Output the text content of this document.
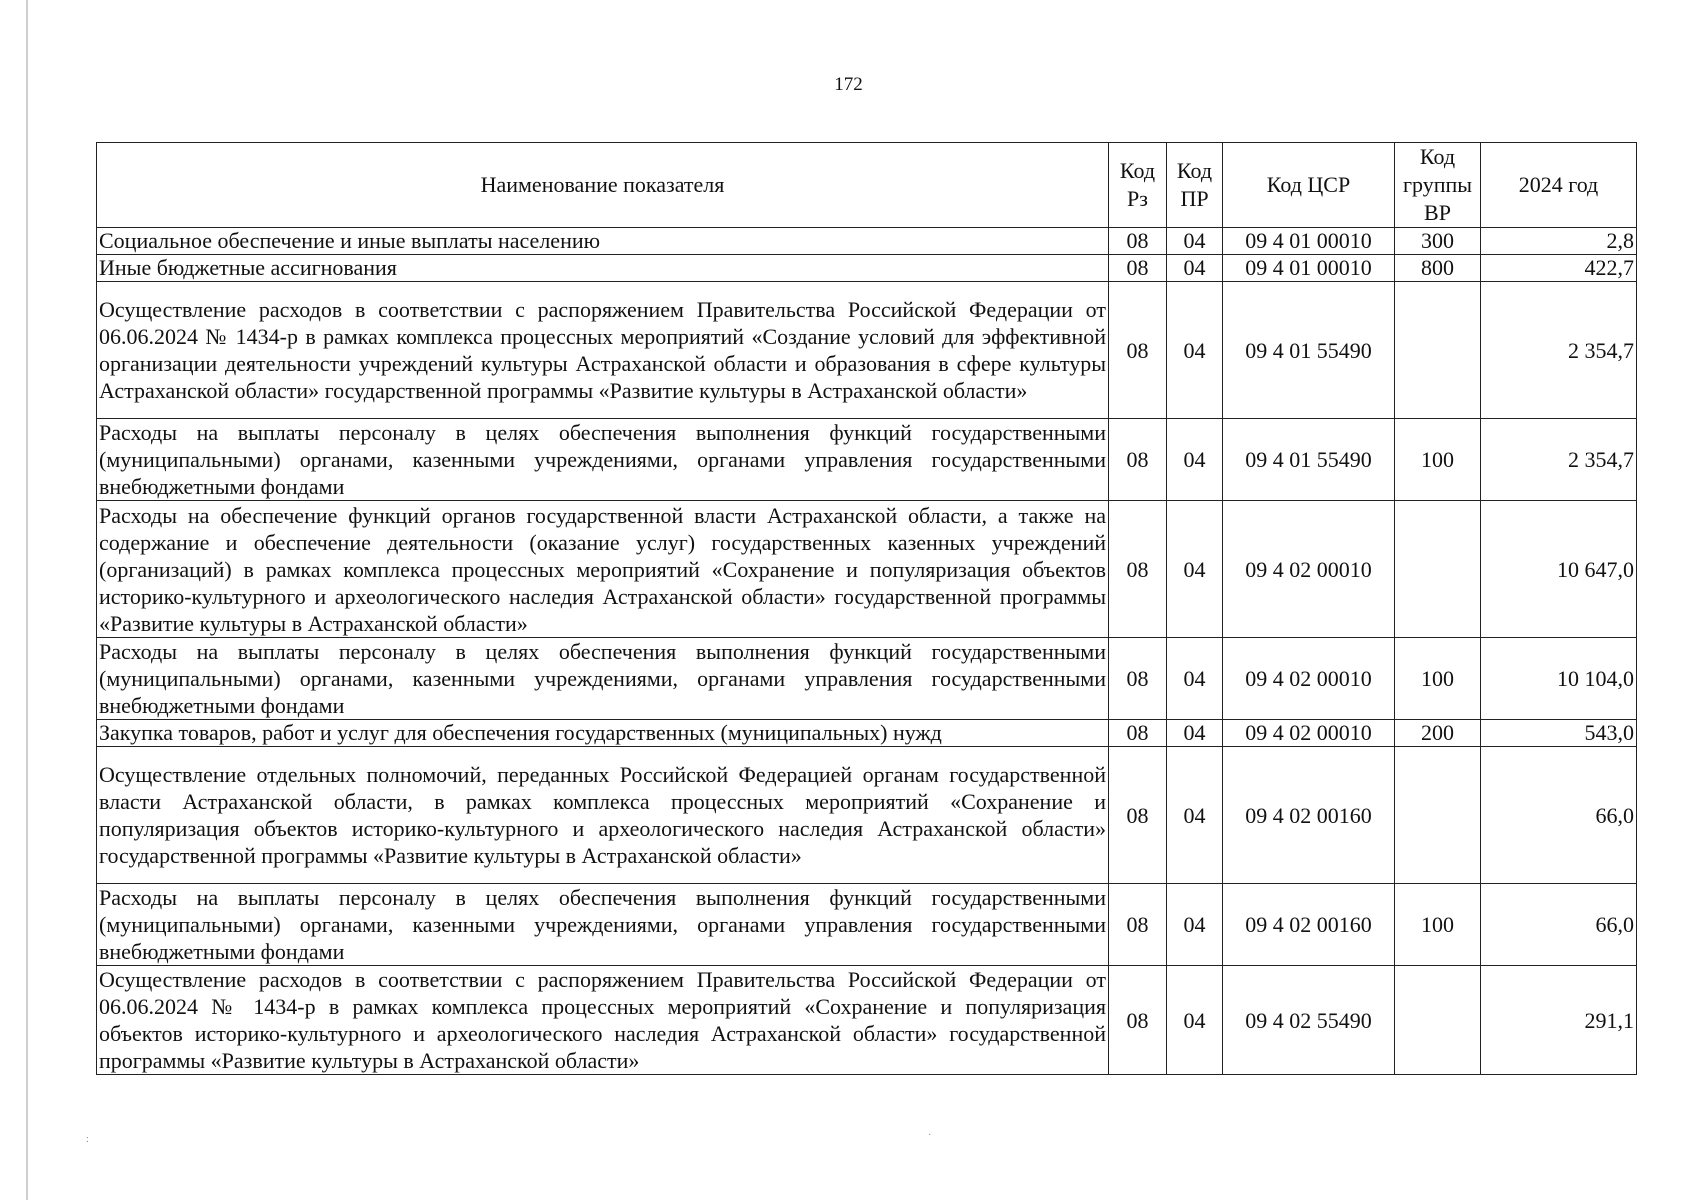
172
Наименование показателя	Код Рз	Код ПР	Код ЦСР	Код группы ВР	2024 год
Социальное обеспечение и иные выплаты населению	08	04	09 4 01 00010	300	2,8
Иные бюджетные ассигнования	08	04	09 4 01 00010	800	422,7
Осуществление расходов в соответствии с распоряжением Правительства Российской Федерации от 06.06.2024 № 1434-р в рамках комплекса процессных мероприятий «Создание условий для эффективной организации деятельности учреждений культуры Астраханской области и образования в сфере культуры Астраханской области» государственной программы «Развитие культуры в Астраханской области»	08	04	09 4 01 55490		2 354,7
Расходы на выплаты персоналу в целях обеспечения выполнения функций государственными (муниципальными) органами, казенными учреждениями, органами управления государственными внебюджетными фондами	08	04	09 4 01 55490	100	2 354,7
Расходы на обеспечение функций органов государственной власти Астраханской области, а также на содержание и обеспечение деятельности (оказание услуг) государственных казенных учреждений (организаций) в рамках комплекса процессных мероприятий «Сохранение и популяризация объектов историко-культурного и археологического наследия Астраханской области» государственной программы «Развитие культуры в Астраханской области»	08	04	09 4 02 00010		10 647,0
Расходы на выплаты персоналу в целях обеспечения выполнения функций государственными (муниципальными) органами, казенными учреждениями, органами управления государственными внебюджетными фондами	08	04	09 4 02 00010	100	10 104,0
Закупка товаров, работ и услуг для обеспечения государственных (муниципальных) нужд	08	04	09 4 02 00010	200	543,0
Осуществление отдельных полномочий, переданных Российской Федерацией органам государственной власти Астраханской области, в рамках комплекса процессных мероприятий «Сохранение и популяризация объектов историко-культурного и археологического наследия Астраханской области» государственной программы «Развитие культуры в Астраханской области»	08	04	09 4 02 00160		66,0
Расходы на выплаты персоналу в целях обеспечения выполнения функций государственными (муниципальными) органами, казенными учреждениями, органами управления государственными внебюджетными фондами	08	04	09 4 02 00160	100	66,0
Осуществление расходов в соответствии с распоряжением Правительства Российской Федерации от 06.06.2024 № 1434-р в рамках комплекса процессных мероприятий «Сохранение и популяризация объектов историко-культурного и археологического наследия Астраханской области» государственной программы «Развитие культуры в Астраханской области»	08	04	09 4 02 55490		291,1
:	·
